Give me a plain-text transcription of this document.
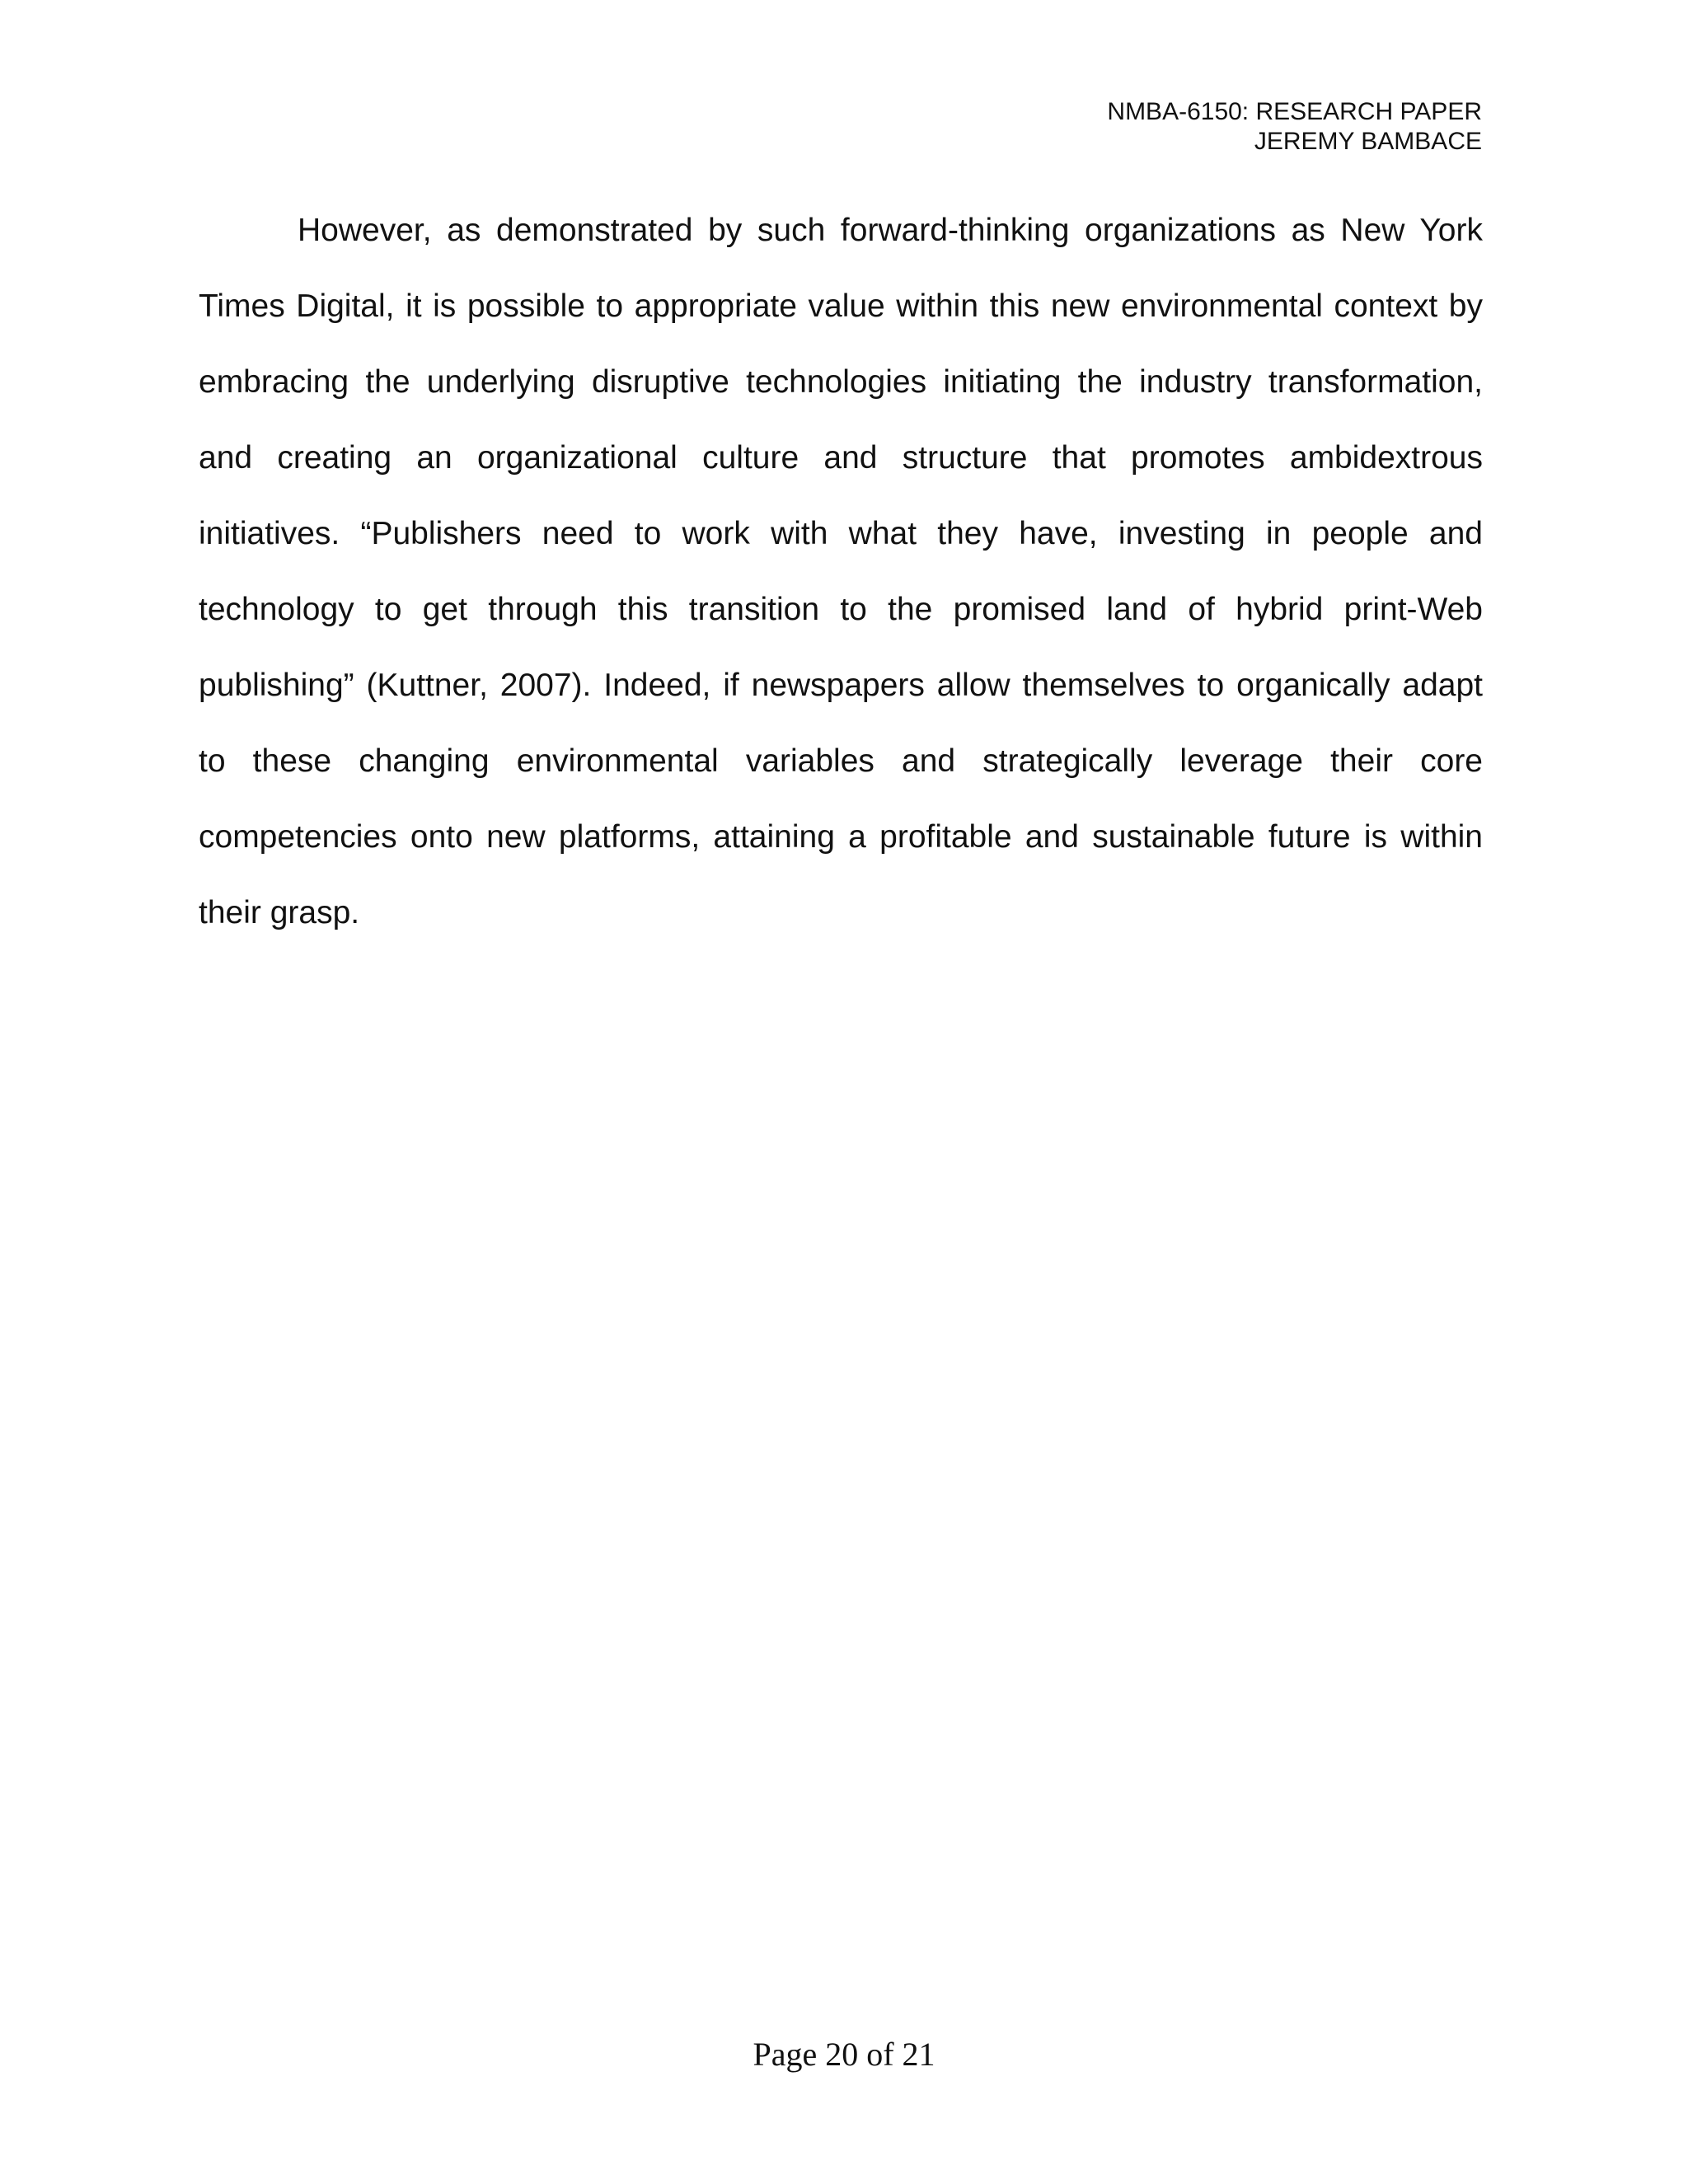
NMBA-6150: RESEARCH PAPER
JEREMY BAMBACE

However, as demonstrated by such forward-thinking organizations as New York Times Digital, it is possible to appropriate value within this new environmental context by embracing the underlying disruptive technologies initiating the industry transformation, and creating an organizational culture and structure that promotes ambidextrous initiatives. “Publishers need to work with what they have, investing in people and technology to get through this transition to the promised land of hybrid print-Web publishing” (Kuttner, 2007). Indeed, if newspapers allow themselves to organically adapt to these changing environmental variables and strategically leverage their core competencies onto new platforms, attaining a profitable and sustainable future is within their grasp.

Page 20 of 21
